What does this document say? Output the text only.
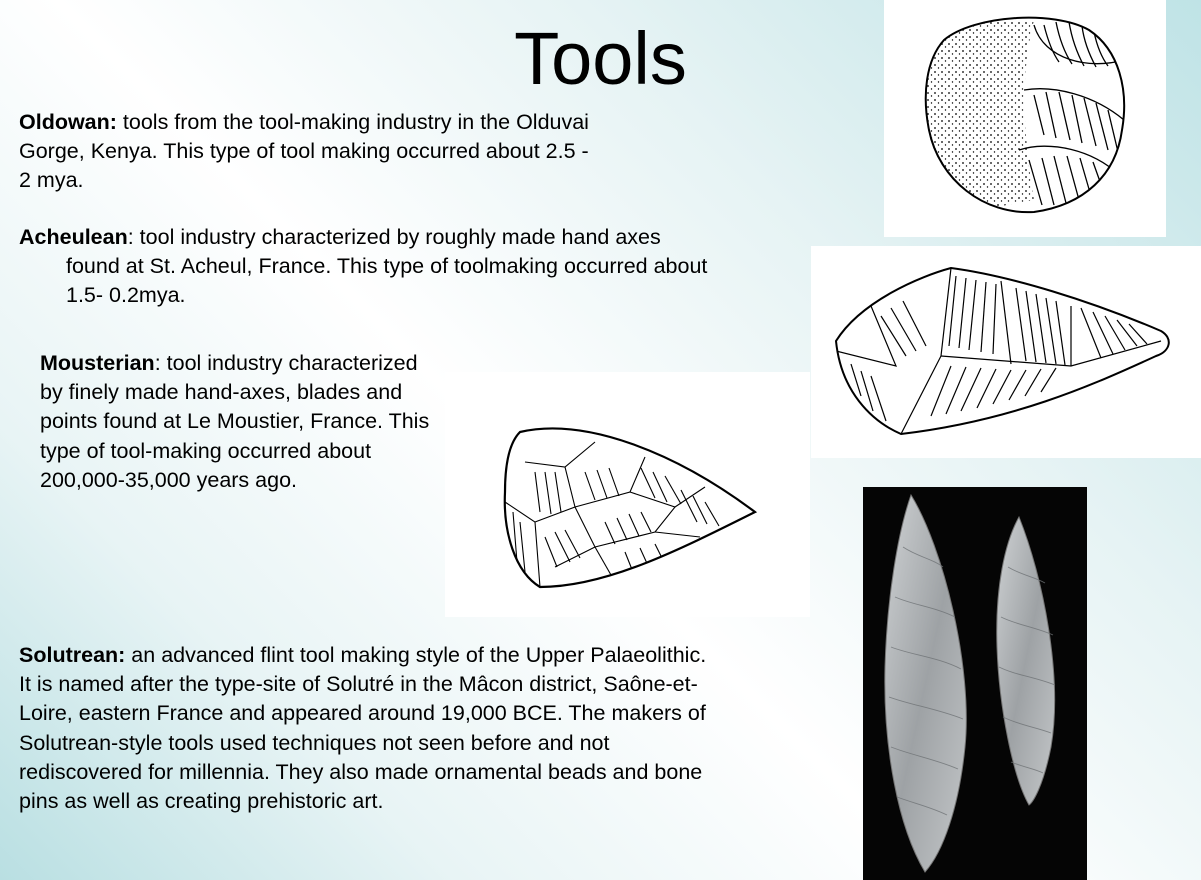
Tools

Oldowan: tools from the tool-making industry in the Olduvai Gorge, Kenya. This type of tool making occurred about 2.5 - 2 mya.

Acheulean: tool industry characterized by roughly made hand axes found at St. Acheul, France. This type of toolmaking occurred about 1.5- 0.2mya.

Mousterian: tool industry characterized by finely made hand-axes, blades and points found at Le Moustier, France. This type of tool-making occurred about 200,000-35,000 years ago.

Solutrean: an advanced flint tool making style of the Upper Palaeolithic. It is named after the type-site of Solutré in the Mâcon district, Saône-et-Loire, eastern France and appeared around 19,000 BCE. The makers of Solutrean-style tools used techniques not seen before and not rediscovered for millennia. They also made ornamental beads and bone pins as well as creating prehistoric art.
